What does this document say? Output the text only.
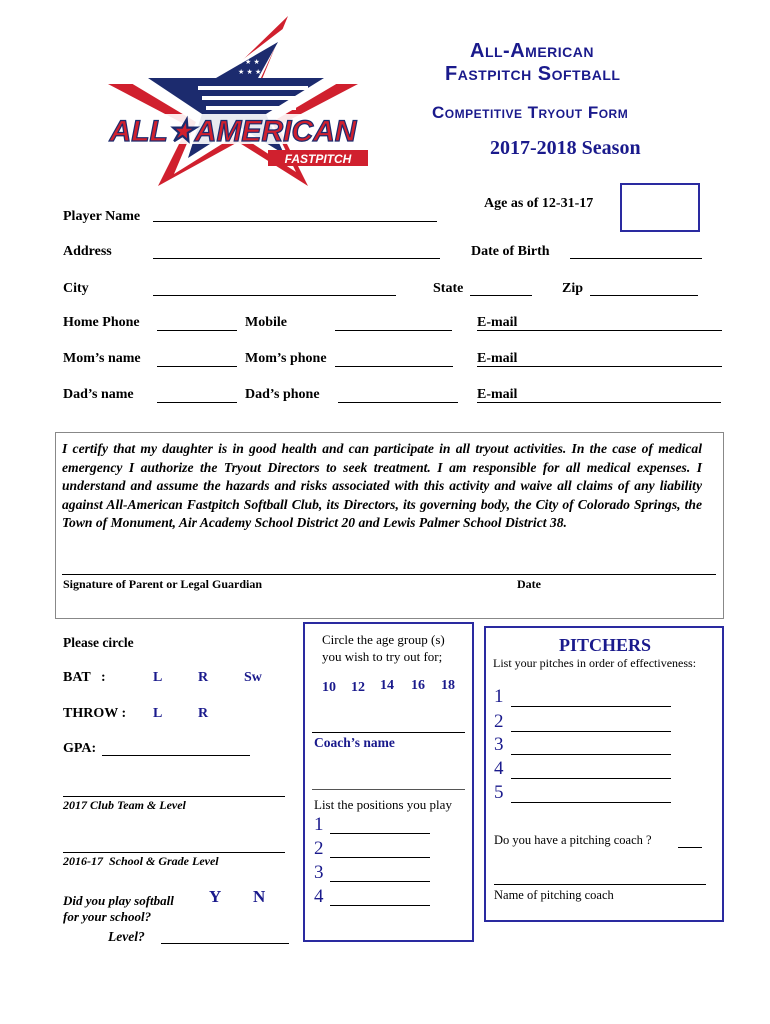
★ ★ ★
★ ★ ★ ★
ALL★AMERICAN
FASTPITCH
All-American
Fastpitch Softball
Competitive Tryout Form
2017-2018 Season
Age as of 12-31-17
Player Name
Address	Date of Birth
City	State	Zip
Home Phone	Mobile	E-mail
Mom’s name	Mom’s phone	E-mail
Dad’s name	Dad’s phone	E-mail
I certify that my daughter is in good health and can participate in all tryout activities. In the case of medical emergency I authorize the Tryout Directors to seek treatment. I am responsible for all medical expenses. I understand and assume the hazards and risks associated with this activity and waive all claims of any liability against All-American Fastpitch Softball Club, its Directors, its governing body, the City of Colorado Springs, the Town of Monument, Air Academy School District 20 and Lewis Palmer School District 38.
Signature of Parent or Legal Guardian	Date
Please circle
BAT   :	L	R	Sw
THROW : L	R
GPA:
2017 Club Team & Level
2016-17  School & Grade Level
Did you play softball
for your school?
Y N
Level?
Circle the age group (s)
you wish to try out for;
10 12 14 16 18
Coach’s name
List the positions you play
1
2
3
4
PITCHERS
List your pitches in order of effectiveness:
1
2
3
4
5
Do you have a pitching coach ?
Name of pitching coach
